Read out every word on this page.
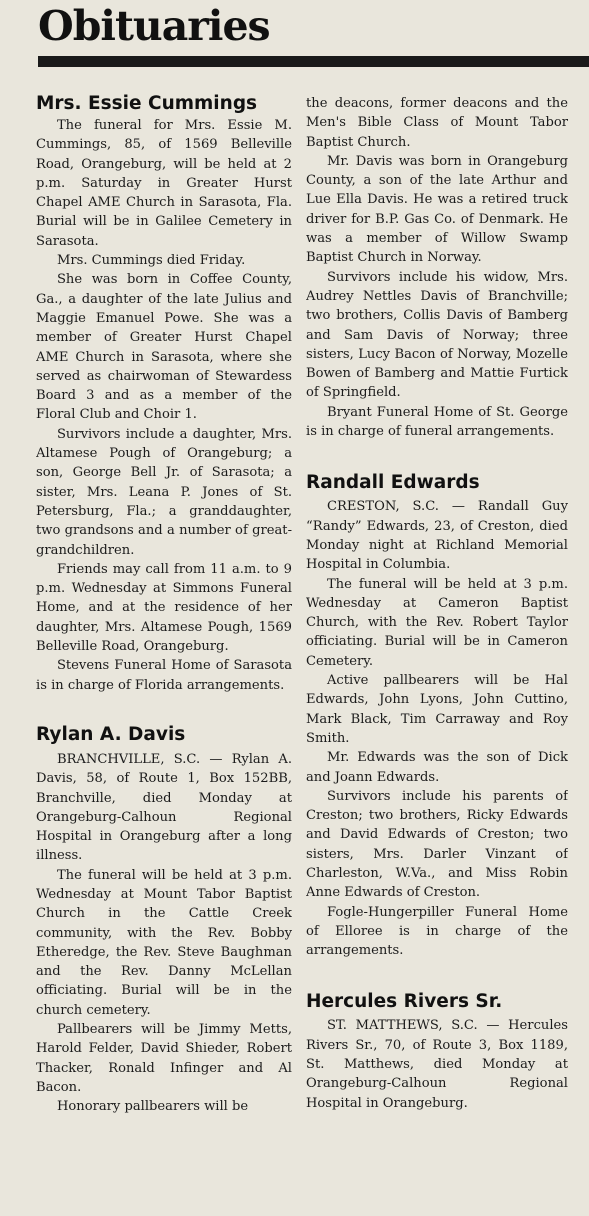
Obituaries
Mrs. Essie Cummings

The funeral for Mrs. Essie M. Cummings, 85, of 1569 Belleville Road, Orangeburg, will be held at 2 p.m. Saturday in Greater Hurst Chapel AME Church in Sarasota, Fla. Burial will be in Galilee Cemetery in Sarasota.

Mrs. Cummings died Friday.

She was born in Coffee County, Ga., a daughter of the late Julius and Maggie Emanuel Powe. She was a member of Greater Hurst Chapel AME Church in Sarasota, where she served as chairwoman of Stewardess Board 3 and as a member of the Floral Club and Choir 1.

Survivors include a daughter, Mrs. Altamese Pough of Orangeburg; a son, George Bell Jr. of Sarasota; a sister, Mrs. Leana P. Jones of St. Petersburg, Fla.; a granddaughter, two grandsons and a number of great-grandchildren.

Friends may call from 11 a.m. to 9 p.m. Wednesday at Simmons Funeral Home, and at the residence of her daughter, Mrs. Altamese Pough, 1569 Belleville Road, Orangeburg.

Stevens Funeral Home of Sarasota is in charge of Florida arrangements.

Rylan A. Davis

BRANCHVILLE, S.C. — Rylan A. Davis, 58, of Route 1, Box 152BB, Branchville, died Monday at Orangeburg-Calhoun Regional Hospital in Orangeburg after a long illness.

The funeral will be held at 3 p.m. Wednesday at Mount Tabor Baptist Church in the Cattle Creek community, with the Rev. Bobby Etheredge, the Rev. Steve Baughman and the Rev. Danny McLellan officiating. Burial will be in the church cemetery.

Pallbearers will be Jimmy Metts, Harold Felder, David Shieder, Robert Thacker, Ronald Infinger and Al Bacon.

Honorary pallbearers will be

the deacons, former deacons and the Men's Bible Class of Mount Tabor Baptist Church.

Mr. Davis was born in Orangeburg County, a son of the late Arthur and Lue Ella Davis. He was a retired truck driver for B.P. Gas Co. of Denmark. He was a member of Willow Swamp Baptist Church in Norway.

Survivors include his widow, Mrs. Audrey Nettles Davis of Branchville; two brothers, Collis Davis of Bamberg and Sam Davis of Norway; three sisters, Lucy Bacon of Norway, Mozelle Bowen of Bamberg and Mattie Furtick of Springfield.

Bryant Funeral Home of St. George is in charge of funeral arrangements.

Randall Edwards

CRESTON, S.C. — Randall Guy “Randy” Edwards, 23, of Creston, died Monday night at Richland Memorial Hospital in Columbia.

The funeral will be held at 3 p.m. Wednesday at Cameron Baptist Church, with the Rev. Robert Taylor officiating. Burial will be in Cameron Cemetery.

Active pallbearers will be Hal Edwards, John Lyons, John Cuttino, Mark Black, Tim Carraway and Roy Smith.

Mr. Edwards was the son of Dick and Joann Edwards.

Survivors include his parents of Creston; two brothers, Ricky Edwards and David Edwards of Creston; two sisters, Mrs. Darler Vinzant of Charleston, W.Va., and Miss Robin Anne Edwards of Creston.

Fogle-Hungerpiller Funeral Home of Elloree is in charge of the arrangements.

Hercules Rivers Sr.

ST. MATTHEWS, S.C. — Hercules Rivers Sr., 70, of Route 3, Box 1189, St. Matthews, died Monday at Orangeburg-Calhoun Regional Hospital in Orangeburg.
